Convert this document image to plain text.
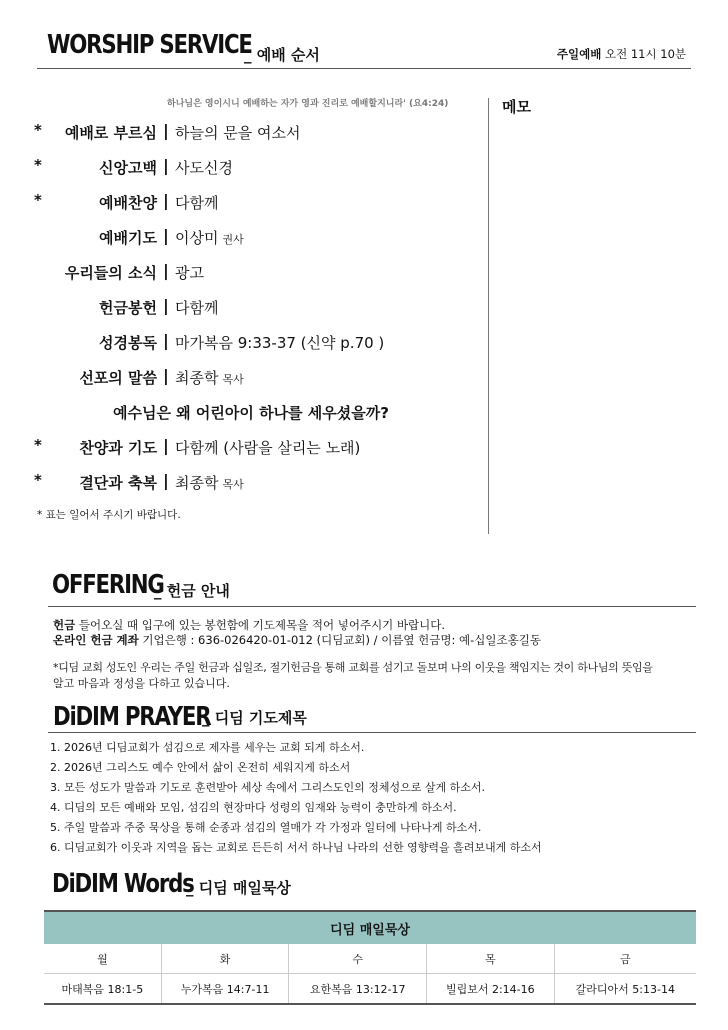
WORSHIP SERVICE
_ 예배 순서	주일예배 오전 11시 10분
하나님은 영이시니 예배하는 자가 영과 진리로 예배할지니라' (요4:24)	메모
* 예배로 부르심 | 하늘의 문을 여소서
*	신앙고백 | 사도신경
*	예배찬양 | 다함께
예배기도 | 이상미 권사
우리들의 소식 | 광고
헌금봉헌 | 다함께
성경봉독 | 마가복음 9:33-37 (신약 p.70 )
선포의 말씀 | 최종학 목사
* 찬양과 기도 | 다함께 (사람을 살리는 노래)
* 결단과 축복 | 최종학 목사
예수님은 왜 어린아이 하나를 세우셨을까?
* 표는 일어서 주시기 바랍니다.
OFFERING
_ 헌금 안내
헌금 들어오실 때 입구에 있는 봉헌함에 기도제목을 적어 넣어주시기 바랍니다.
온라인 헌금 계좌 기업은행 : 636-026420-01-012 (디딤교회) / 이름옆 헌금명: 예-십일조홍길동
*디딤 교회 성도인 우리는 주일 헌금과 십일조, 절기헌금을 통해 교회를 섬기고 돌보며 나의 이웃을 책임지는 것이 하나님의 뜻임을
알고 마음과 정성을 다하고 있습니다.
DiDIM PRAYER
_ 디딤 기도제목
1. 2026년 디딤교회가 섬김으로 제자를 세우는 교회 되게 하소서.
2. 2026년 그리스도 예수 안에서 삶이 온전히 세워지게 하소서
3. 모든 성도가 말씀과 기도로 훈련받아 세상 속에서 그리스도인의 정체성으로 살게 하소서.
4. 디딤의 모든 예배와 모임, 섬김의 현장마다 성령의 임재와 능력이 충만하게 하소서.
5. 주일 말씀과 주중 묵상을 통해 순종과 섬김의 열매가 각 가정과 일터에 나타나게 하소서.
6. 디딤교회가 이웃과 지역을 돕는 교회로 든든히 서서 하나님 나라의 선한 영향력을 흘려보내게 하소서
DiDIM Words
_ 디딤 매일묵상
디딤 매일묵상				
월	화	수	목	금
마태복음 18:1-5	누가복음 14:7-11	요한복음 13:12-17	빌립보서 2:14-16	갈라디아서 5:13-14
